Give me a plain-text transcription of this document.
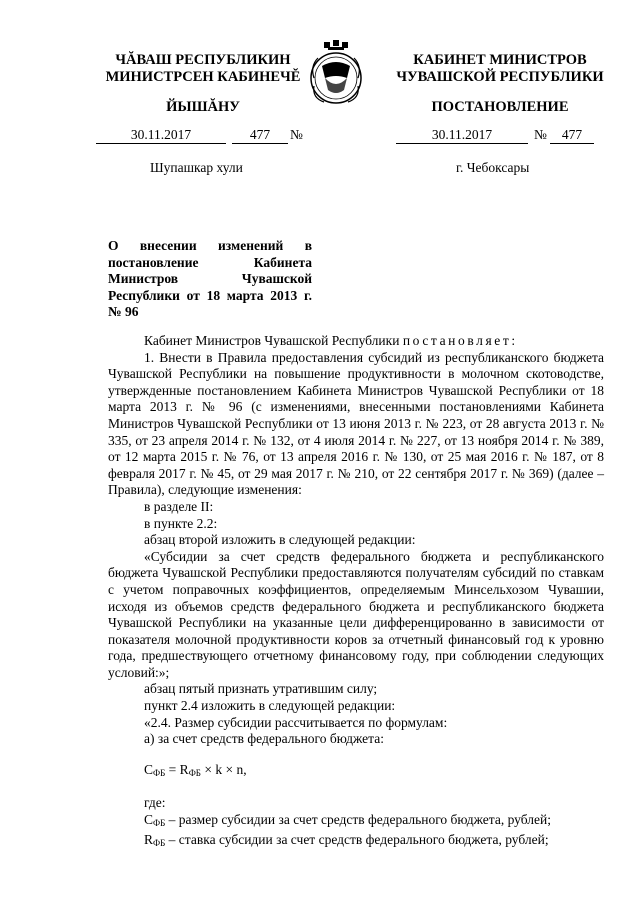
ЧĂВАШ РЕСПУБЛИКИН
МИНИСТРСЕН КАБИНЕЧĔ
ЙЫШĂНУ
КАБИНЕТ МИНИСТРОВ
ЧУВАШСКОЙ РЕСПУБЛИКИ
ПОСТАНОВЛЕНИЕ
30.11.2017	477	№	30.11.2017	№	477
Шупашкар хули	г. Чебоксары
О внесении изменений в постановление Кабинета Министров Чувашской Республики от 18 марта 2013 г. № 96

Кабинет Министров Чувашской Республики постановляет:

1. Внести в Правила предоставления субсидий из республиканского бюджета Чувашской Республики на повышение продуктивности в молочном скотоводстве, утвержденные постановлением Кабинета Министров Чувашской Республики от 18 марта 2013 г. № 96 (с изменениями, внесенными постановлениями Кабинета Министров Чувашской Республики от 13 июня 2013 г. № 223, от 28 августа 2013 г. № 335, от 23 апреля 2014 г. № 132, от 4 июля 2014 г. № 227, от 13 ноября 2014 г. № 389, от 12 марта 2015 г. № 76, от 13 апреля 2016 г. № 130, от 25 мая 2016 г. № 187, от 8 февраля 2017 г. № 45, от 29 мая 2017 г. № 210, от 22 сентября 2017 г. № 369) (далее – Правила), следующие изменения:

в разделе II:

в пункте 2.2:

абзац второй изложить в следующей редакции:

«Субсидии за счет средств федерального бюджета и республиканского бюджета Чувашской Республики предоставляются получателям субсидий по ставкам с учетом поправочных коэффициентов, определяемым Минсельхозом Чувашии, исходя из объемов средств федерального бюджета и республиканского бюджета Чувашской Республики на указанные цели дифференцированно в зависимости от показателя молочной продуктивности коров за отчетный финансовый год к уровню года, предшествующего отчетному финансовому году, при соблюдении следующих условий:»;

абзац пятый признать утратившим силу;

пункт 2.4 изложить в следующей редакции:

«2.4. Размер субсидии рассчитывается по формулам:

а) за счет средств федерального бюджета:

$С_{ФБ} = R_{ФБ} \times k \times n$,

где:

$С_{ФБ}$ – размер субсидии за счет средств федерального бюджета, рублей;

$R_{ФБ}$ – ставка субсидии за счет средств федерального бюджета, рублей;
